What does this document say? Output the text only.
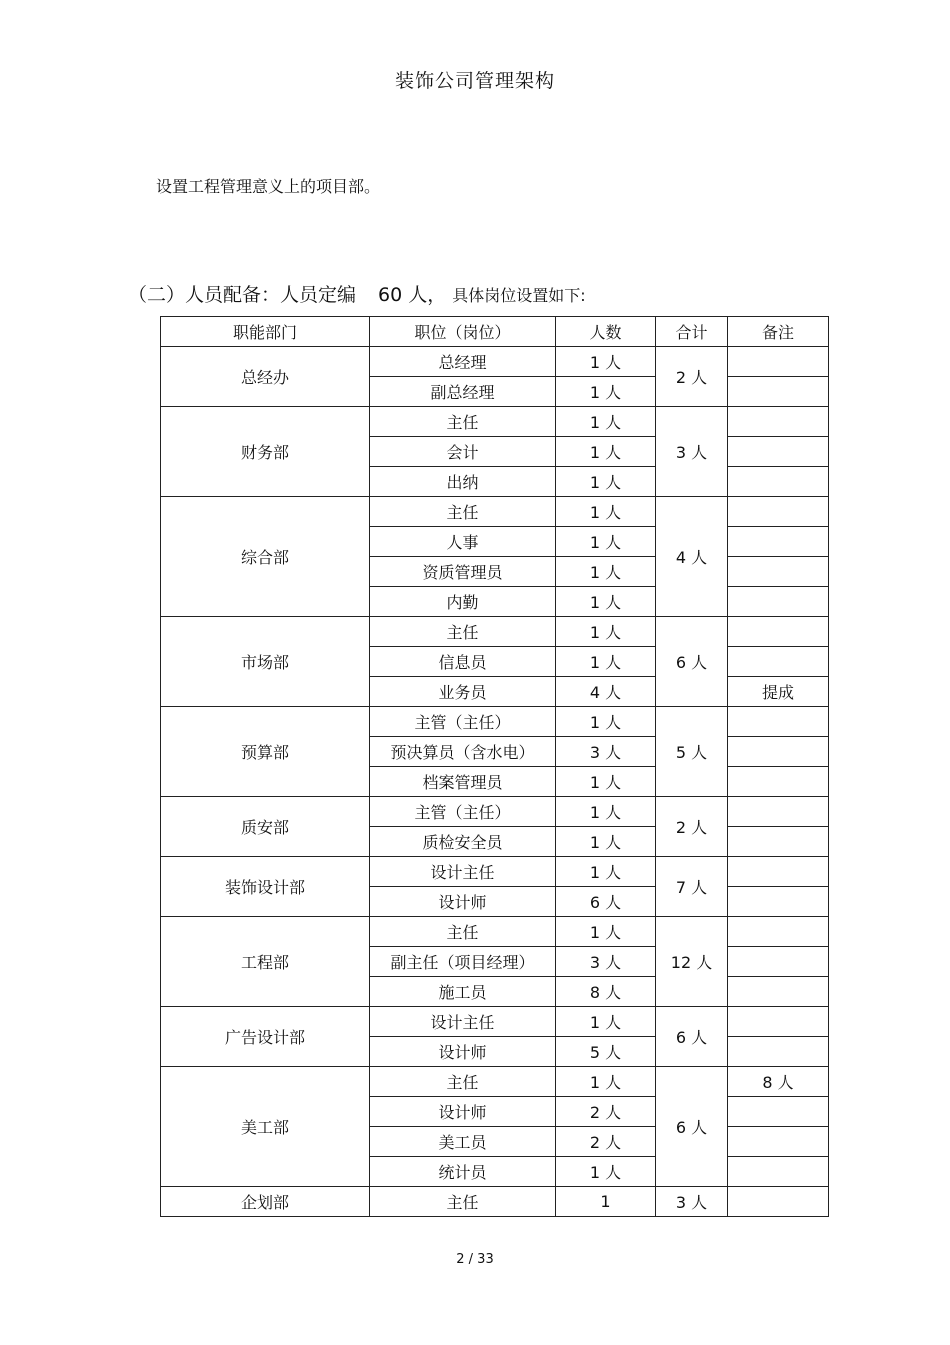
装饰公司管理架构
设置工程管理意义上的项目部。
（二）人员配备：人员定编 60 人， 具体岗位设置如下:
职能部门	职位（岗位）	人数	合计	备注
总经办	总经理	1 人	2 人	
	副总经理	1 人		
财务部	主任	1 人	3 人	
	会计	1 人		
	出纳	1 人		
综合部	主任	1 人	4 人	
	人事	1 人		
	资质管理员	1 人		
	内勤	1 人		
市场部	主任	1 人	6 人	
	信息员	1 人		
	业务员	4 人		提成
预算部	主管（主任）	1 人	5 人	
	预决算员（含水电）	3 人		
	档案管理员	1 人		
质安部	主管（主任）	1 人	2 人	
	质检安全员	1 人		
装饰设计部	设计主任	1 人	7 人	
	设计师	6 人		
工程部	主任	1 人	12 人	
	副主任（项目经理）	3 人		
	施工员	8 人		
广告设计部	设计主任	1 人	6 人	
	设计师	5 人		
美工部	主任	1 人	6 人	8 人
	设计师	2 人		
	美工员	2 人		
	统计员	1 人		
企划部	主任	1	3 人	
2 / 33
